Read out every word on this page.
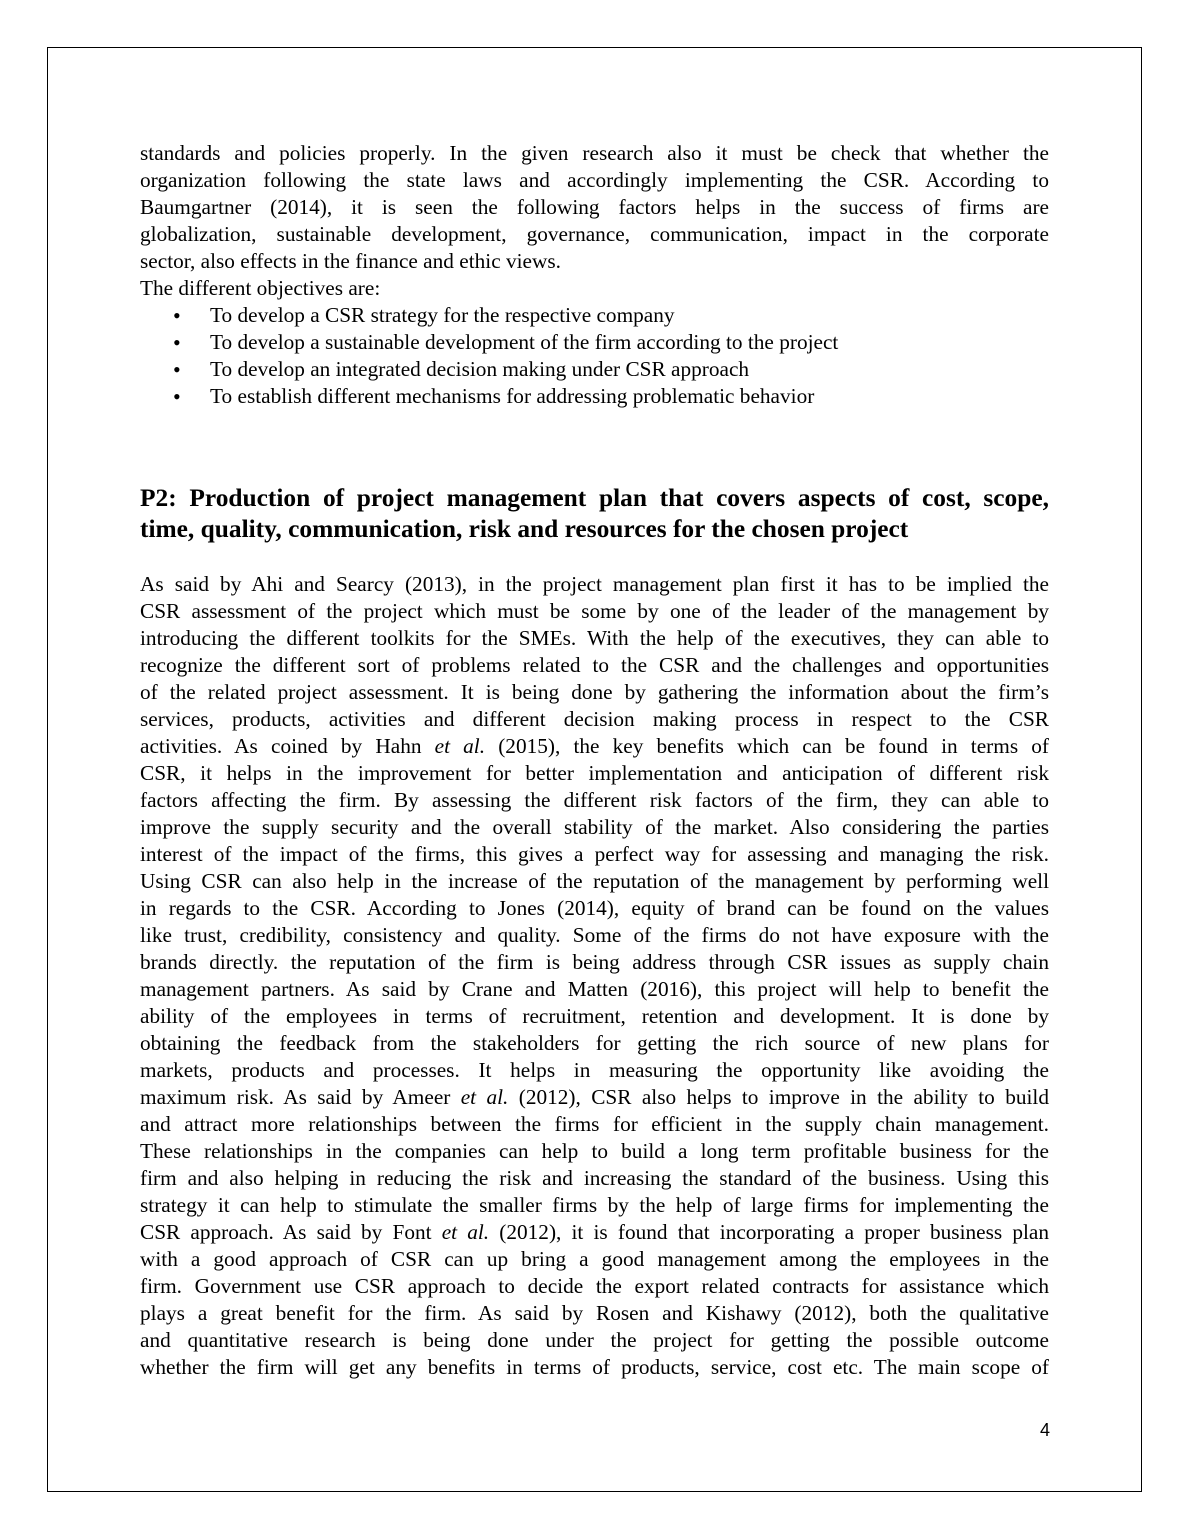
standards and policies properly. In the given research also it must be check that whether the
organization following the state laws and accordingly implementing the CSR. According to
Baumgartner (2014), it is seen the following factors helps in the success of firms are
globalization, sustainable development, governance, communication, impact in the corporate
sector, also effects in the finance and ethic views.

The different objectives are:

• To develop a CSR strategy for the respective company
• To develop a sustainable development of the firm according to the project
• To develop an integrated decision making under CSR approach
• To establish different mechanisms for addressing problematic behavior
P2: Production of project management plan that covers aspects of cost, scope,
time, quality, communication, risk and resources for the chosen project
As said by Ahi and Searcy (2013), in the project management plan first it has to be implied the
CSR assessment of the project which must be some by one of the leader of the management by
introducing the different toolkits for the SMEs. With the help of the executives, they can able to
recognize the different sort of problems related to the CSR and the challenges and opportunities
of the related project assessment. It is being done by gathering the information about the firm’s
services, products, activities and different decision making process in respect to the CSR
activities. As coined by Hahn et al. (2015), the key benefits which can be found in terms of
CSR, it helps in the improvement for better implementation and anticipation of different risk
factors affecting the firm. By assessing the different risk factors of the firm, they can able to
improve the supply security and the overall stability of the market. Also considering the parties
interest of the impact of the firms, this gives a perfect way for assessing and managing the risk.
Using CSR can also help in the increase of the reputation of the management by performing well
in regards to the CSR. According to Jones (2014), equity of brand can be found on the values
like trust, credibility, consistency and quality. Some of the firms do not have exposure with the
brands directly. the reputation of the firm is being address through CSR issues as supply chain
management partners. As said by Crane and Matten (2016), this project will help to benefit the
ability of the employees in terms of recruitment, retention and development. It is done by
obtaining the feedback from the stakeholders for getting the rich source of new plans for
markets, products and processes. It helps in measuring the opportunity like avoiding the
maximum risk. As said by Ameer et al. (2012), CSR also helps to improve in the ability to build
and attract more relationships between the firms for efficient in the supply chain management.
These relationships in the companies can help to build a long term profitable business for the
firm and also helping in reducing the risk and increasing the standard of the business. Using this
strategy it can help to stimulate the smaller firms by the help of large firms for implementing the
CSR approach. As said by Font et al. (2012), it is found that incorporating a proper business plan
with a good approach of CSR can up bring a good management among the employees in the
firm. Government use CSR approach to decide the export related contracts for assistance which
plays a great benefit for the firm. As said by Rosen and Kishawy (2012), both the qualitative
and quantitative research is being done under the project for getting the possible outcome
whether the firm will get any benefits in terms of products, service, cost etc. The main scope of
4
